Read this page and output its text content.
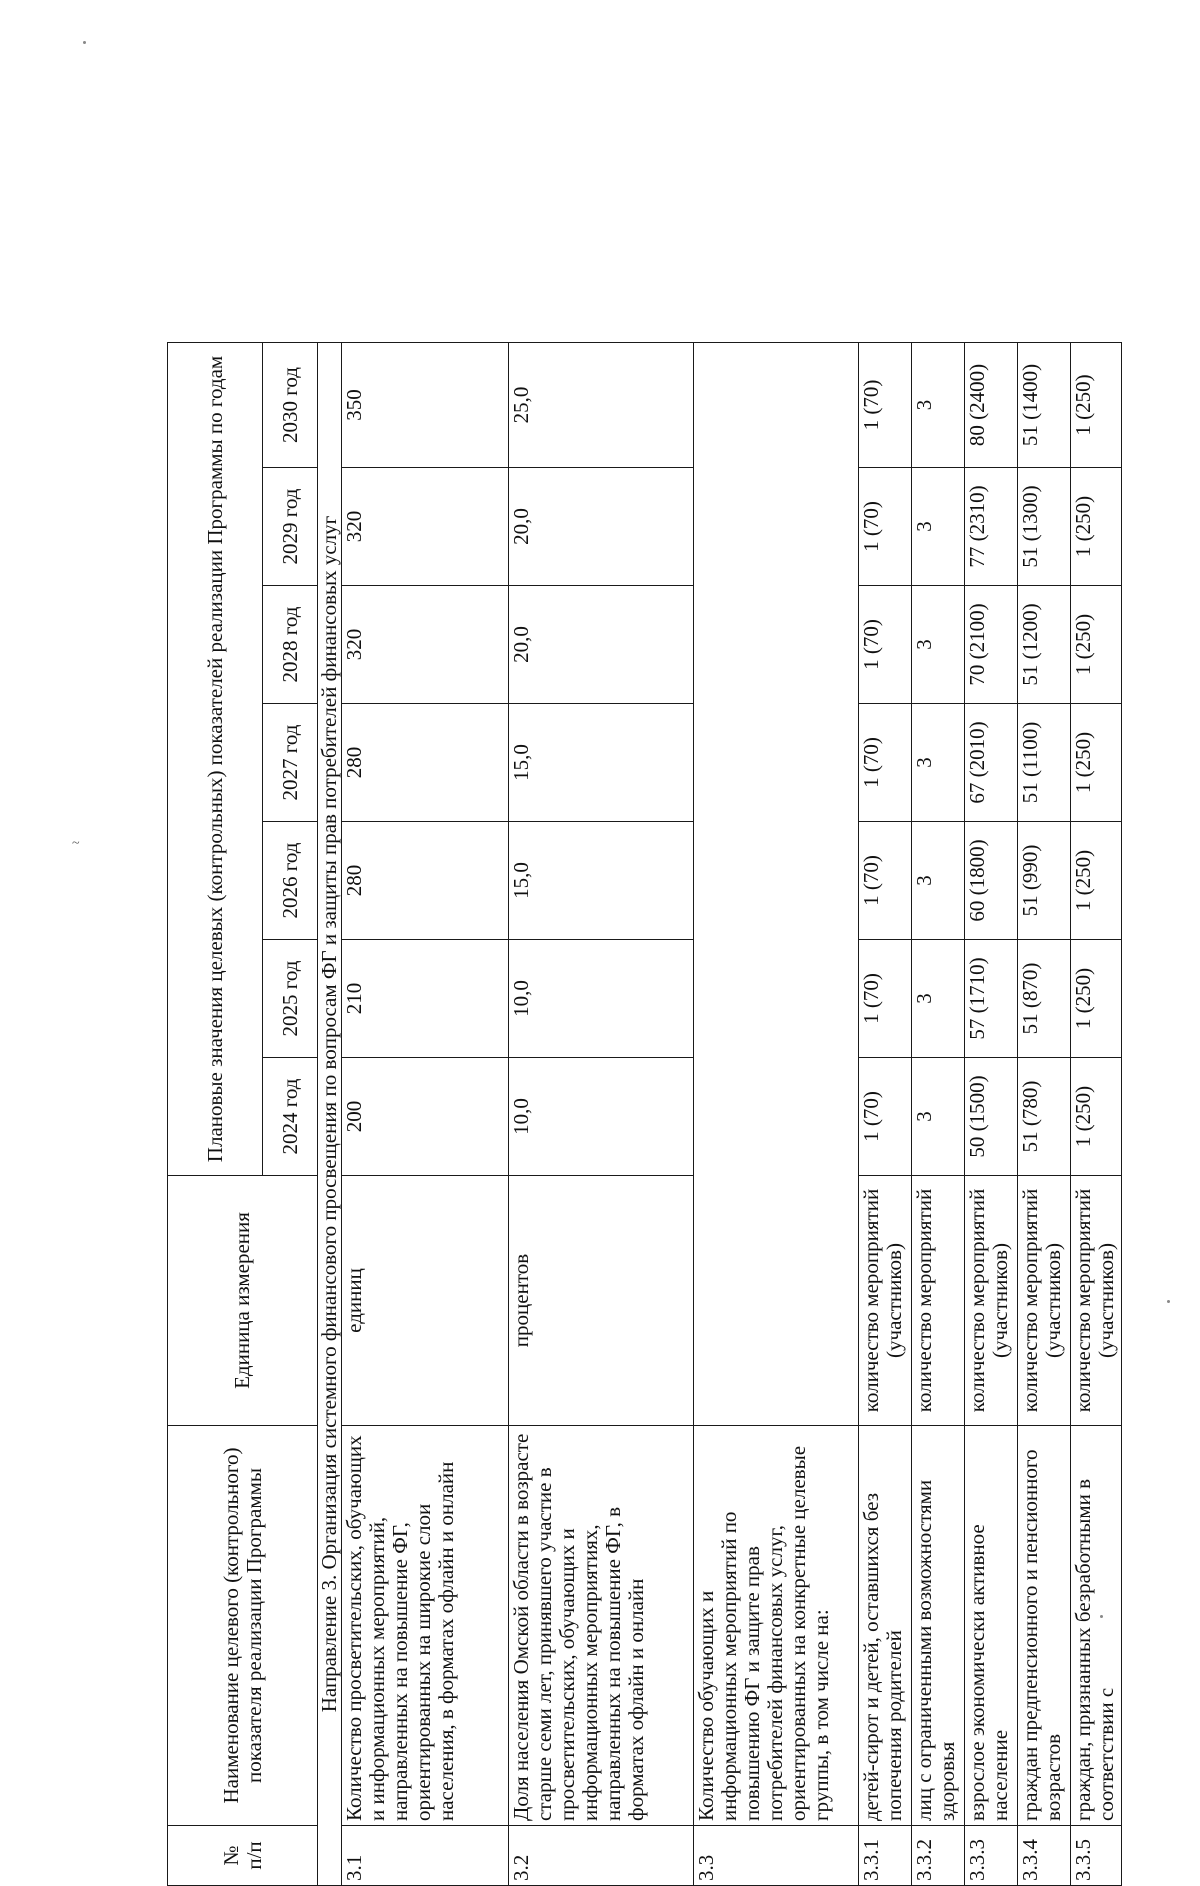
~
№
п/п	Наименование целевого (контрольного) показателя реализации Программы	Единица измерения	Плановые значения целевых (контрольных) показателей реализации Программы по годам						
			2024 год	2025 год	2026 год	2027 год	2028 год	2029 год	2030 год
Направление 3. Организация системного финансового просвещения по вопросам ФГ и защиты прав потребителей финансовых услуг									
3.1	Количество просветительских, обучающих и информационных мероприятий, направленных на повышение ФГ, ориентированных на широкие слои населения, в форматах офлайн и онлайн	единиц	200	210	280	280	320	320	350
3.2	Доля населения Омской области в возрасте старше семи лет, принявшего участие в просветительских, обучающих и информационных мероприятиях, направленных на повышение ФГ, в форматах офлайн и онлайн	процентов	10,0	10,0	15,0	15,0	20,0	20,0	25,0
3.3	Количество обучающих и информационных мероприятий по повышению ФГ и защите прав потребителей финансовых услуг, ориентированных на конкретные целевые группы, в том числе на:								
3.3.1	детей-сирот и детей, оставшихся без попечения родителей	количество мероприятий (участников)	1 (70)	1 (70)	1 (70)	1 (70)	1 (70)	1 (70)	1 (70)
3.3.2	лиц с ограниченными возможностями здоровья	количество мероприятий	3	3	3	3	3	3	3
3.3.3	взрослое экономически активное население	количество мероприятий (участников)	50 (1500)	57 (1710)	60 (1800)	67 (2010)	70 (2100)	77 (2310)	80 (2400)
3.3.4	граждан предпенсионного и пенсионного возрастов	количество мероприятий (участников)	51 (780)	51 (870)	51 (990)	51 (1100)	51 (1200)	51 (1300)	51 (1400)
3.3.5	граждан, признанных безработными в соответствии с	количество мероприятий (участников)	1 (250)	1 (250)	1 (250)	1 (250)	1 (250)	1 (250)	1 (250)
